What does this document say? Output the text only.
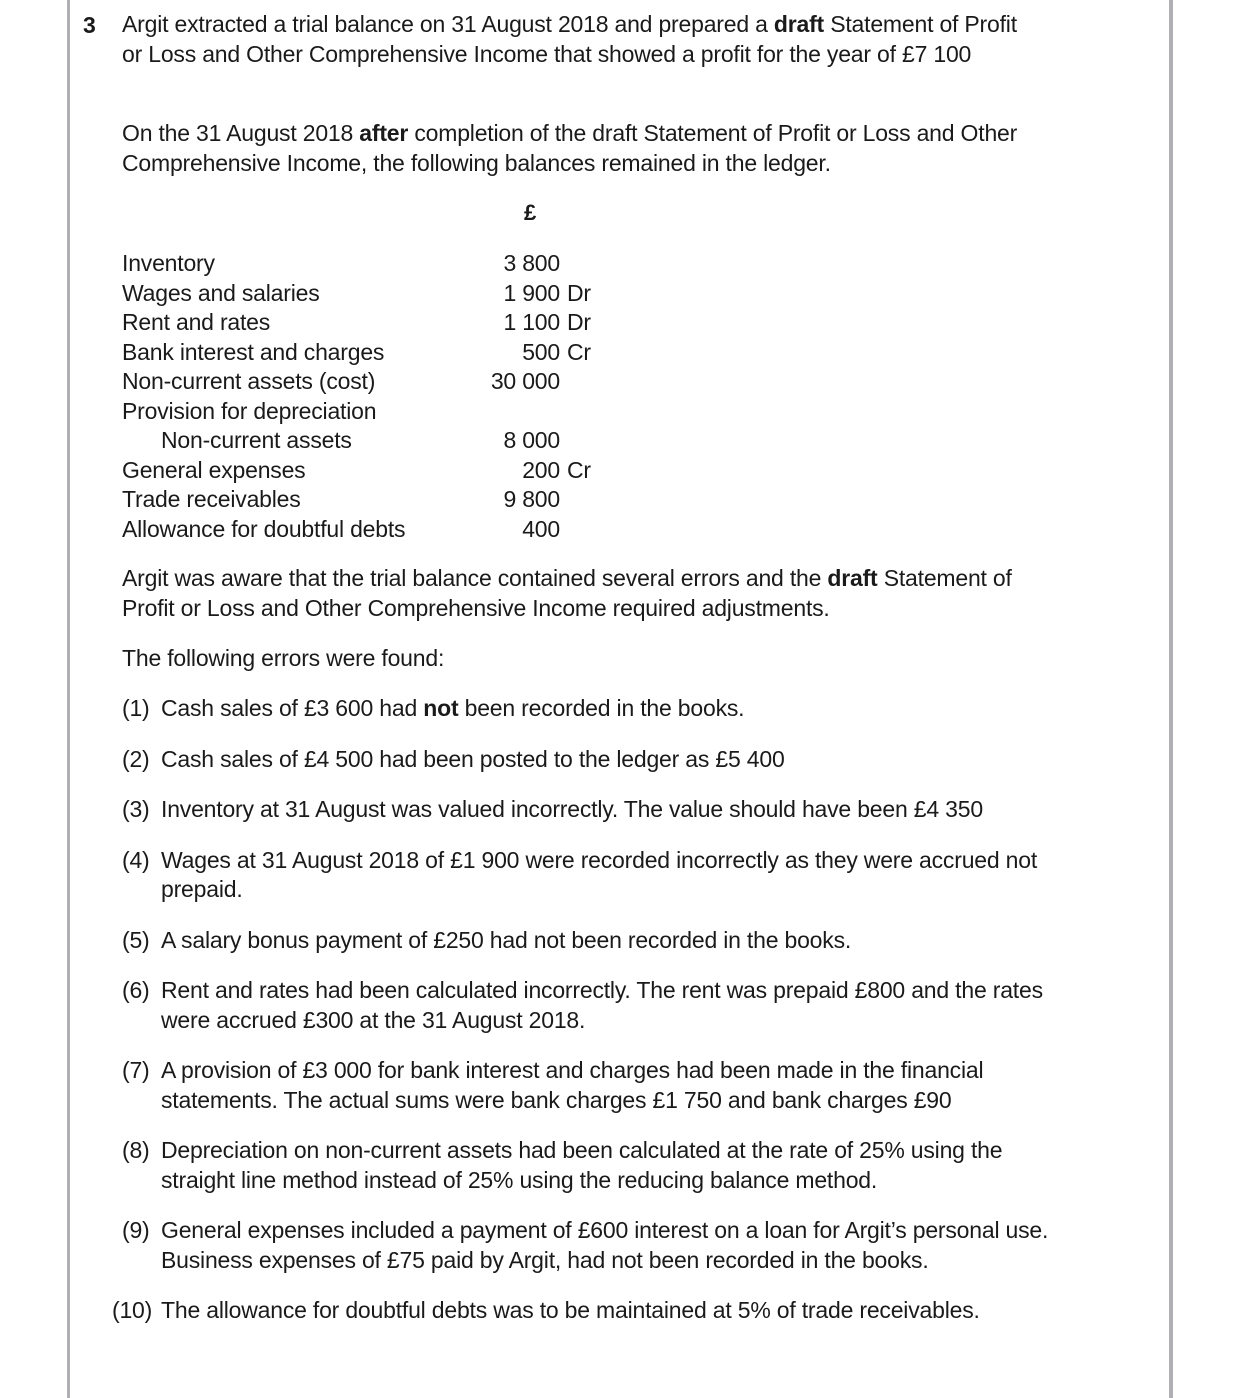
3 Argit extracted a trial balance on 31 August 2018 and prepared a draft Statement of Profit or Loss and Other Comprehensive Income that showed a profit for the year of £7 100
On the 31 August 2018 after completion of the draft Statement of Profit or Loss and Other Comprehensive Income, the following balances remained in the ledger.
£
Inventory	3 800
Wages and salaries	1 900 Dr
Rent and rates	1 100 Dr
Bank interest and charges	500 Cr
Non-current assets (cost)	30 000
Provision for depreciation
Non-current assets	8 000
General expenses	200 Cr
Trade receivables	9 800
Allowance for doubtful debts	400
Argit was aware that the trial balance contained several errors and the draft Statement of Profit or Loss and Other Comprehensive Income required adjustments.
The following errors were found:
(1) Cash sales of £3 600 had not been recorded in the books.
(2) Cash sales of £4 500 had been posted to the ledger as £5 400
(3) Inventory at 31 August was valued incorrectly. The value should have been £4 350
(4) Wages at 31 August 2018 of £1 900 were recorded incorrectly as they were accrued not prepaid.
(5) A salary bonus payment of £250 had not been recorded in the books.
(6) Rent and rates had been calculated incorrectly. The rent was prepaid £800 and the rates were accrued £300 at the 31 August 2018.
(7) A provision of £3 000 for bank interest and charges had been made in the financial statements. The actual sums were bank charges £1 750 and bank charges £90
(8) Depreciation on non-current assets had been calculated at the rate of 25% using the straight line method instead of 25% using the reducing balance method.
(9) General expenses included a payment of £600 interest on a loan for Argit’s personal use. Business expenses of £75 paid by Argit, had not been recorded in the books.
(10) The allowance for doubtful debts was to be maintained at 5% of trade receivables.
